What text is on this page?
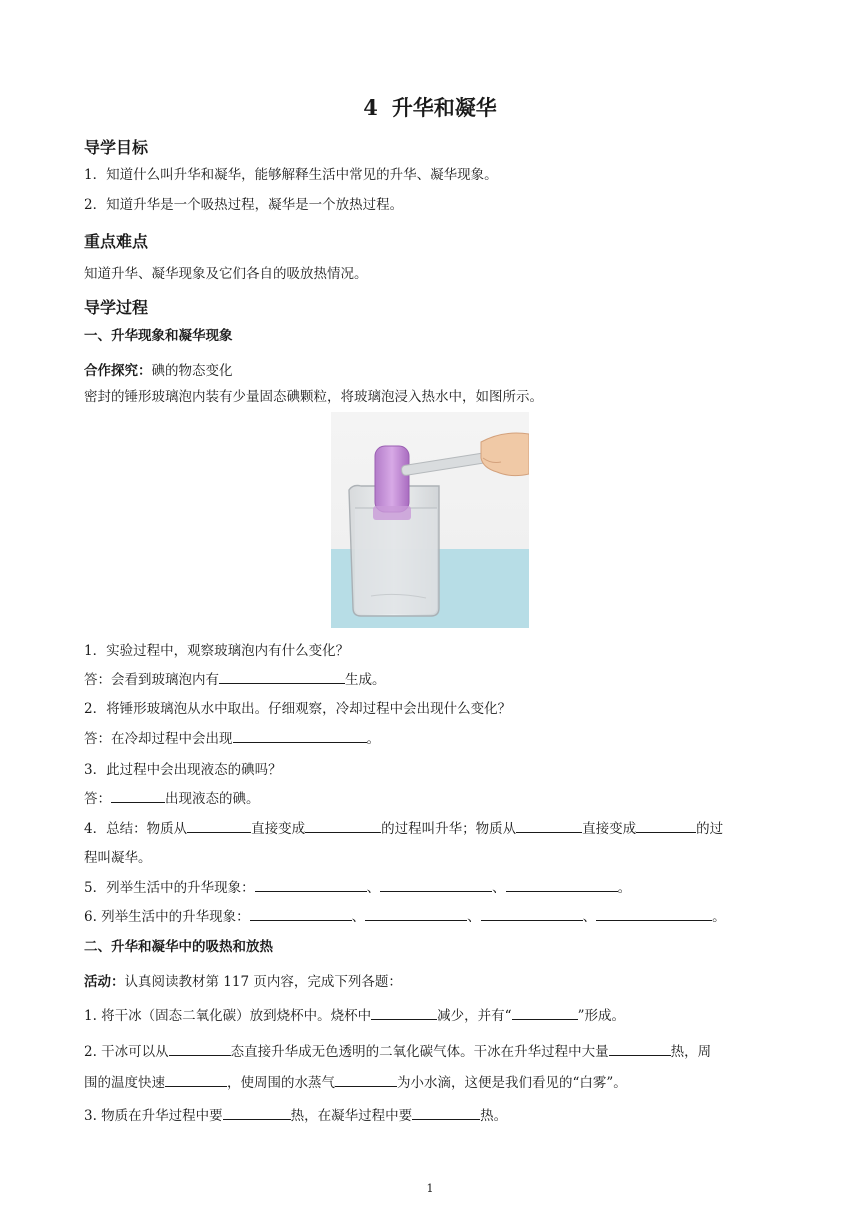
4 升华和凝华
导学目标
1．知道什么叫升华和凝华，能够解释生活中常见的升华、凝华现象。
2．知道升华是一个吸热过程，凝华是一个放热过程。
重点难点
知道升华、凝华现象及它们各自的吸放热情况。
导学过程
一、升华现象和凝华现象
合作探究：碘的物态变化
密封的锤形玻璃泡内装有少量固态碘颗粒，将玻璃泡浸入热水中，如图所示。
1．实验过程中，观察玻璃泡内有什么变化？
答：会看到玻璃泡内有	生成。
2．将锤形玻璃泡从水中取出。仔细观察，冷却过程中会出现什么变化？
答：在冷却过程中会出现	。
3．此过程中会出现液态的碘吗？
答：	出现液态的碘。
4．总结：物质从	直接变成	的过程叫升华；物质从	直接变成	的过
程叫凝华。
5．列举生活中的升华现象：	、	、	。
6. 列举生活中的升华现象：	、	、	、	。
二、升华和凝华中的吸热和放热
活动：认真阅读教材第 117 页内容，完成下列各题：
1. 将干冰（固态二氧化碳）放到烧杯中。烧杯中	减少，并有“	”形成。
2. 干冰可以从	态直接升华成无色透明的二氧化碳气体。干冰在升华过程中大量	热，周
围的温度快速	，使周围的水蒸气	为小水滴，这便是我们看见的“白雾”。
3. 物质在升华过程中要	热，在凝华过程中要	热。
1
